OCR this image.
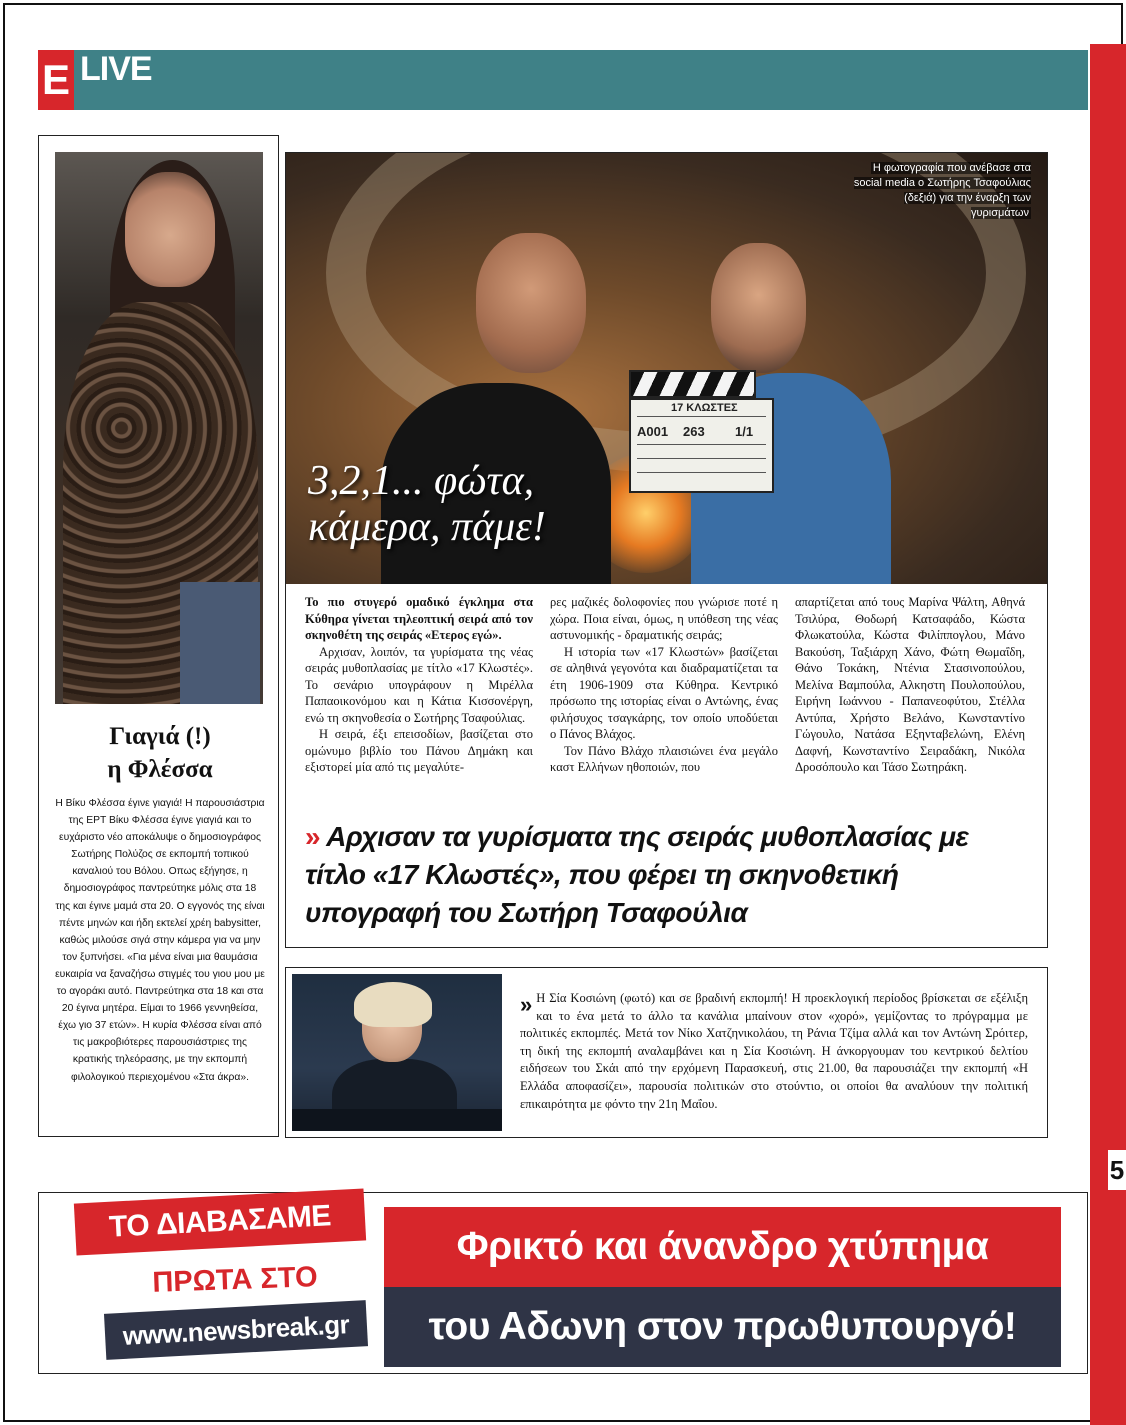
5
E LIVE
Γιαγιά (!)
η Φλέσσα
Η Βίκυ Φλέσσα έγινε γιαγιά! Η παρουσιάστρια της ΕΡΤ Βίκυ Φλέσσα έγινε γιαγιά και το ευχάριστο νέο αποκάλυψε ο δημοσιογράφος Σωτήρης Πολύζος σε εκπομπή τοπικού καναλιού του Βόλου. Οπως εξήγησε, η δημοσιογράφος παντρεύτηκε μόλις στα 18 της και έγινε μαμά στα 20. Ο εγγονός της είναι πέντε μηνών και ήδη εκτελεί χρέη babysitter, καθώς μιλούσε σιγά στην κάμερα για να μην τον ξυπνήσει. «Για μένα είναι μια θαυμάσια ευκαιρία να ξαναζήσω στιγμές του γιου μου με το αγοράκι αυτό. Παντρεύτηκα στα 18 και στα 20 έγινα μητέρα. Είμαι το 1966 γεννηθείσα, έχω γιο 37 ετών». Η κυρία Φλέσσα είναι από τις μακροβιότερες παρουσιάστριες της κρατικής τηλεόρασης, με την εκπομπή φιλολογικού περιεχομένου «Στα άκρα».
17 ΚΛΩΣΤΕΣ
A001 263 1/1
Η φωτογραφία που ανέβασε στα social media ο Σωτήρης Τσαφούλιας (δεξιά) για την έναρξη των γυρισμάτων
3,2,1... φώτα, κάμερα, πάμε!

Το πιο στυγερό ομαδικό έγκλημα στα Κύθηρα γίνεται τηλεοπτική σειρά από τον σκηνοθέτη της σειράς «Ετερος εγώ».

Αρχισαν, λοιπόν, τα γυρίσματα της νέας σειράς μυθοπλασίας με τίτλο «17 Κλωστές». Το σενάριο υπογράφουν η Μιρέλλα Παπαοικονόμου και η Κάτια Κισσονέργη, ενώ τη σκηνοθεσία ο Σωτήρης Τσαφούλιας.

Η σειρά, έξι επεισοδίων, βασίζεται στο ομώνυμο βιβλίο του Πάνου Δημάκη και εξιστορεί μία από τις μεγαλύτε-

ρες μαζικές δολοφονίες που γνώρισε ποτέ η χώρα. Ποια είναι, όμως, η υπόθεση της νέας αστυνομικής - δραματικής σειράς;

Η ιστορία των «17 Κλωστών» βασίζεται σε αληθινά γεγονότα και διαδραματίζεται τα έτη 1906-1909 στα Κύθηρα. Κεντρικό πρόσωπο της ιστορίας είναι ο Αντώνης, ένας φιλήσυχος τσαγκάρης, τον οποίο υποδύεται ο Πάνος Βλάχος.

Τον Πάνο Βλάχο πλαισιώνει ένα μεγάλο καστ Ελλήνων ηθοποιών, που

απαρτίζεται από τους Μαρίνα Ψάλτη, Αθηνά Τσιλύρα, Θοδωρή Κατσαφάδο, Κώστα Φλωκατούλα, Κώστα Φιλίππογλου, Μάνο Βακούση, Ταξιάρχη Χάνο, Φώτη Θωμαΐδη, Θάνο Τοκάκη, Ντένια Στασινοπούλου, Μελίνα Βαμπούλα, Αλκηστη Πουλοπούλου, Ειρήνη Ιωάννου - Παπανεοφύτου, Στέλλα Αντύπα, Χρήστο Βελάνο, Κωνσταντίνο Γώγουλο, Νατάσα Εξηνταβελώνη, Ελένη Δαφνή, Κωνσταντίνο Σειραδάκη, Νικόλα Δροσόπουλο και Τάσο Σωτηράκη.

» Αρχισαν τα γυρίσματα της σειράς μυθοπλασίας με τίτλο «17 Κλωστές», που φέρει τη σκηνοθετική υπογραφή του Σωτήρη Τσαφούλια
» Η Σία Κοσιώνη (φωτό) και σε βραδινή εκπομπή! Η προεκλογική περίοδος βρίσκεται σε εξέλιξη και το ένα μετά το άλλο τα κανάλια μπαίνουν στον «χορό», γεμίζοντας το πρόγραμμα με πολιτικές εκπομπές. Μετά τον Νίκο Χατζηνικολάου, τη Ράνια Τζίμα αλλά και τον Αντώνη Σρόιτερ, τη δική της εκπομπή αναλαμβάνει και η Σία Κοσιώνη. Η άνκοργουμαν του κεντρικού δελτίου ειδήσεων του Σκάι από την ερχόμενη Παρασκευή, στις 21.00, θα παρουσιάζει την εκπομπή «Η Ελλάδα αποφασίζει», παρουσία πολιτικών στο στούντιο, οι οποίοι θα αναλύουν την πολιτική επικαιρότητα με φόντο την 21η Μαΐου.
ΤΟ ΔΙΑΒΑΣΑΜΕ
ΠΡΩΤΑ ΣΤΟ
www.newsbreak.gr
Φρικτό και άνανδρο χτύπημα
του Αδωνη στον πρωθυπουργό!
